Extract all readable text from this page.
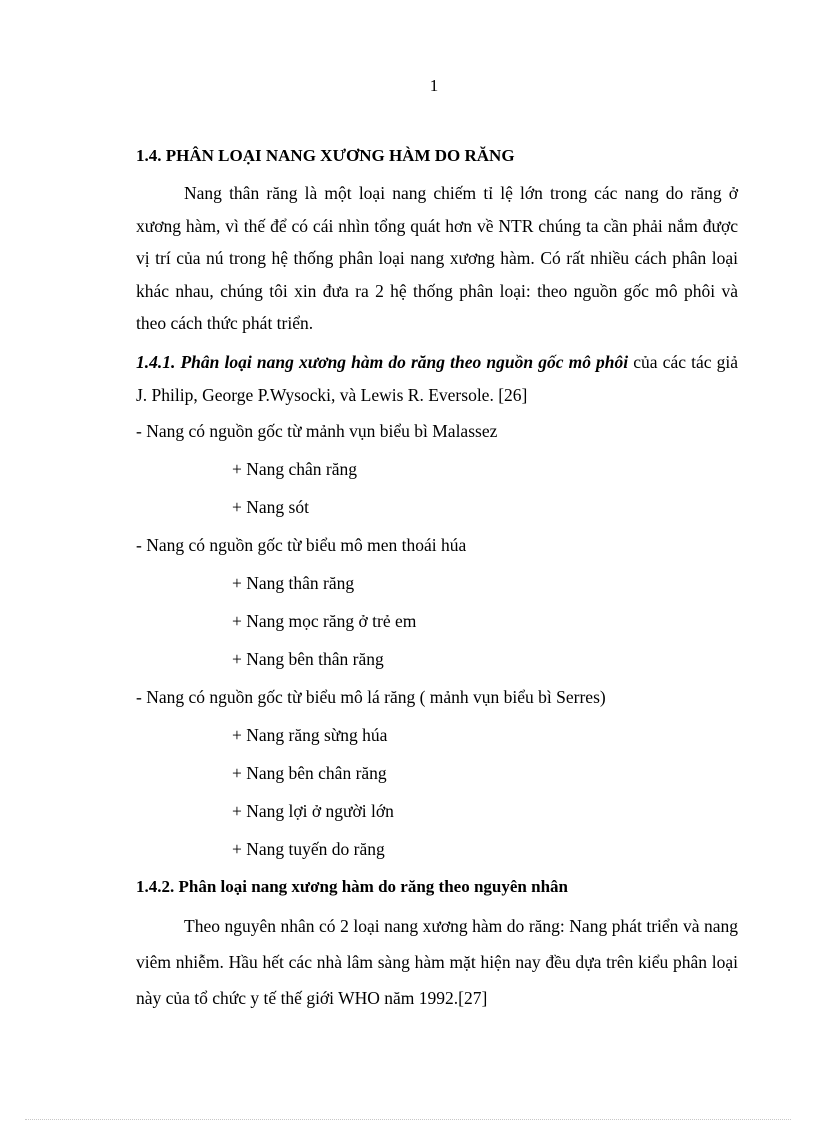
1
1.4. PHÂN LOẠI NANG XƯƠNG HÀM DO RĂNG

Nang thân răng là một loại nang chiếm tỉ lệ lớn trong các nang do răng ở xương hàm, vì thế để có cái nhìn tổng quát hơn về NTR chúng ta cần phải nắm được vị trí của nú trong hệ thống phân loại nang xương hàm. Có rất nhiều cách phân loại khác nhau, chúng tôi xin đưa ra 2 hệ thống phân loại: theo nguồn gốc mô phôi và theo cách thức phát triển.

1.4.1. Phân loại nang xương hàm do răng theo nguồn gốc mô phôi của các tác giả J. Philip, George P.Wysocki, và Lewis R. Eversole. [26]

- Nang có nguồn gốc từ mảnh vụn biểu bì Malassez

+ Nang chân răng

+ Nang sót

- Nang có nguồn gốc từ biểu mô men thoái húa

+ Nang thân răng

+ Nang mọc răng ở trẻ em

+ Nang bên thân răng

- Nang có nguồn gốc từ biểu mô lá răng ( mảnh vụn biểu bì Serres)

+ Nang răng sừng húa

+ Nang bên chân răng

+ Nang lợi ở người lớn

+ Nang tuyến do răng

1.4.2. Phân loại nang xương hàm do răng theo nguyên nhân

Theo nguyên nhân có 2 loại nang xương hàm do răng: Nang phát triển và nang viêm nhiễm. Hầu hết các nhà lâm sàng hàm mặt hiện nay đều dựa trên kiểu phân loại này của tổ chức y tế thế giới WHO năm 1992.[27]
